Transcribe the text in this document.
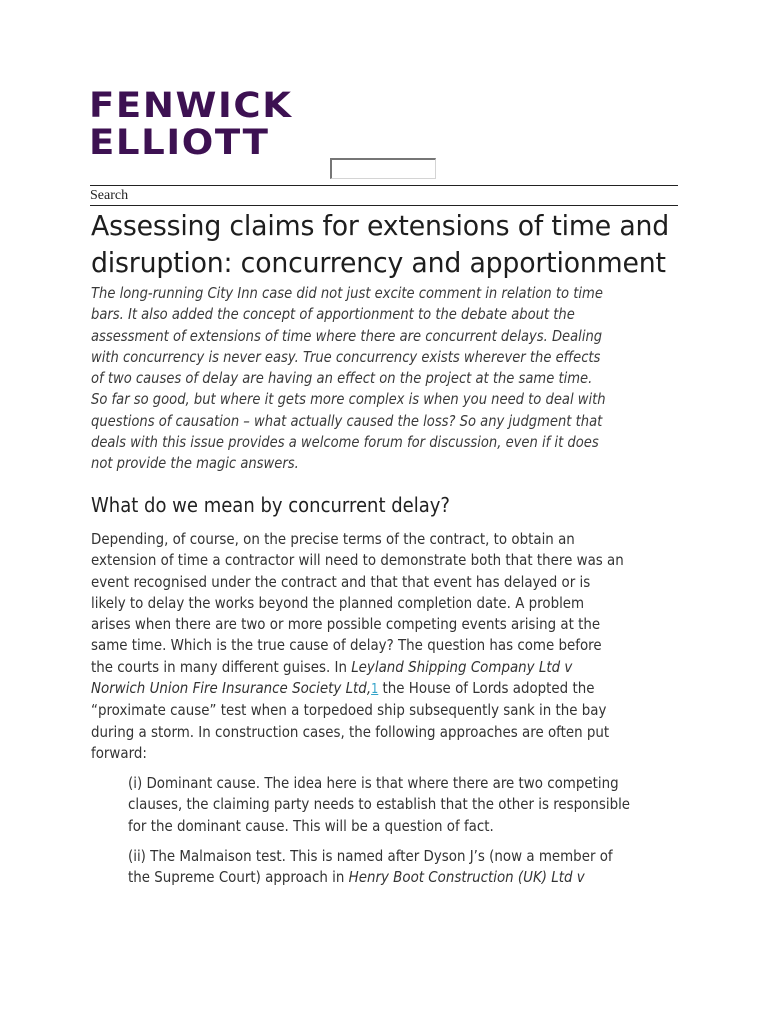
FENWICK
ELLIOTT
Search
Assessing claims for extensions of time and
disruption: concurrency and apportionment

The long-running City Inn case did not just excite comment in relation to time
bars. It also added the concept of apportionment to the debate about the
assessment of extensions of time where there are concurrent delays. Dealing
with concurrency is never easy. True concurrency exists wherever the effects
of two causes of delay are having an effect on the project at the same time.
So far so good, but where it gets more complex is when you need to deal with
questions of causation – what actually caused the loss? So any judgment that
deals with this issue provides a welcome forum for discussion, even if it does
not provide the magic answers.

What do we mean by concurrent delay?

Depending, of course, on the precise terms of the contract, to obtain an
extension of time a contractor will need to demonstrate both that there was an
event recognised under the contract and that that event has delayed or is
likely to delay the works beyond the planned completion date. A problem
arises when there are two or more possible competing events arising at the
same time. Which is the true cause of delay? The question has come before
the courts in many different guises. In Leyland Shipping Company Ltd v
Norwich Union Fire Insurance Society Ltd,1 the House of Lords adopted the
“proximate cause” test when a torpedoed ship subsequently sank in the bay
during a storm. In construction cases, the following approaches are often put
forward:

(i) Dominant cause. The idea here is that where there are two competing
clauses, the claiming party needs to establish that the other is responsible
for the dominant cause. This will be a question of fact.

(ii) The Malmaison test. This is named after Dyson J’s (now a member of
the Supreme Court) approach in Henry Boot Construction (UK) Ltd v
